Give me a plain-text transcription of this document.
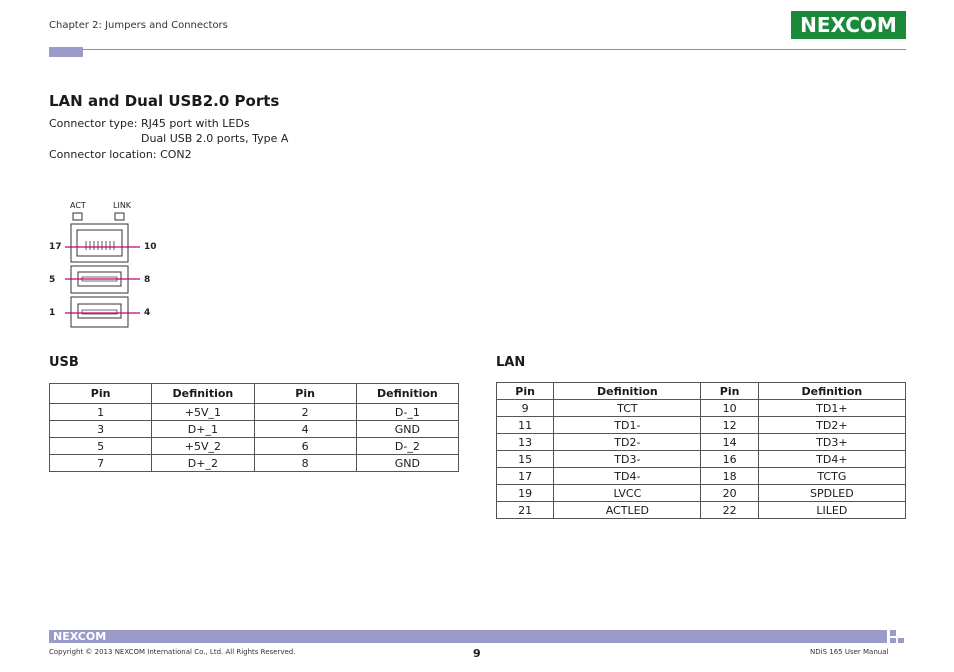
Chapter 2: Jumpers and Connectors	NEXCOM
LAN and Dual USB2.0 Ports
Connector type: RJ45 port with LEDs
Dual USB 2.0 ports, Type A
Connector location: CON2
ACT	LINK
17	10
5	8
1	4
USB
Pin	Definition	Pin	Definition
1	+5V_1	2	D-_1
3	D+_1	4	GND
5	+5V_2	6	D-_2
7	D+_2	8	GND
LAN
Pin	Definition	Pin	Definition
9	TCT	10	TD1+
11	TD1-	12	TD2+
13	TD2-	14	TD3+
15	TD3-	16	TD4+
17	TD4-	18	TCTG
19	LVCC	20	SPDLED
21	ACTLED	22	LILED
NEXCOM
Copyright © 2013 NEXCOM International Co., Ltd. All Rights Reserved.	9	NDiS 165 User Manual
